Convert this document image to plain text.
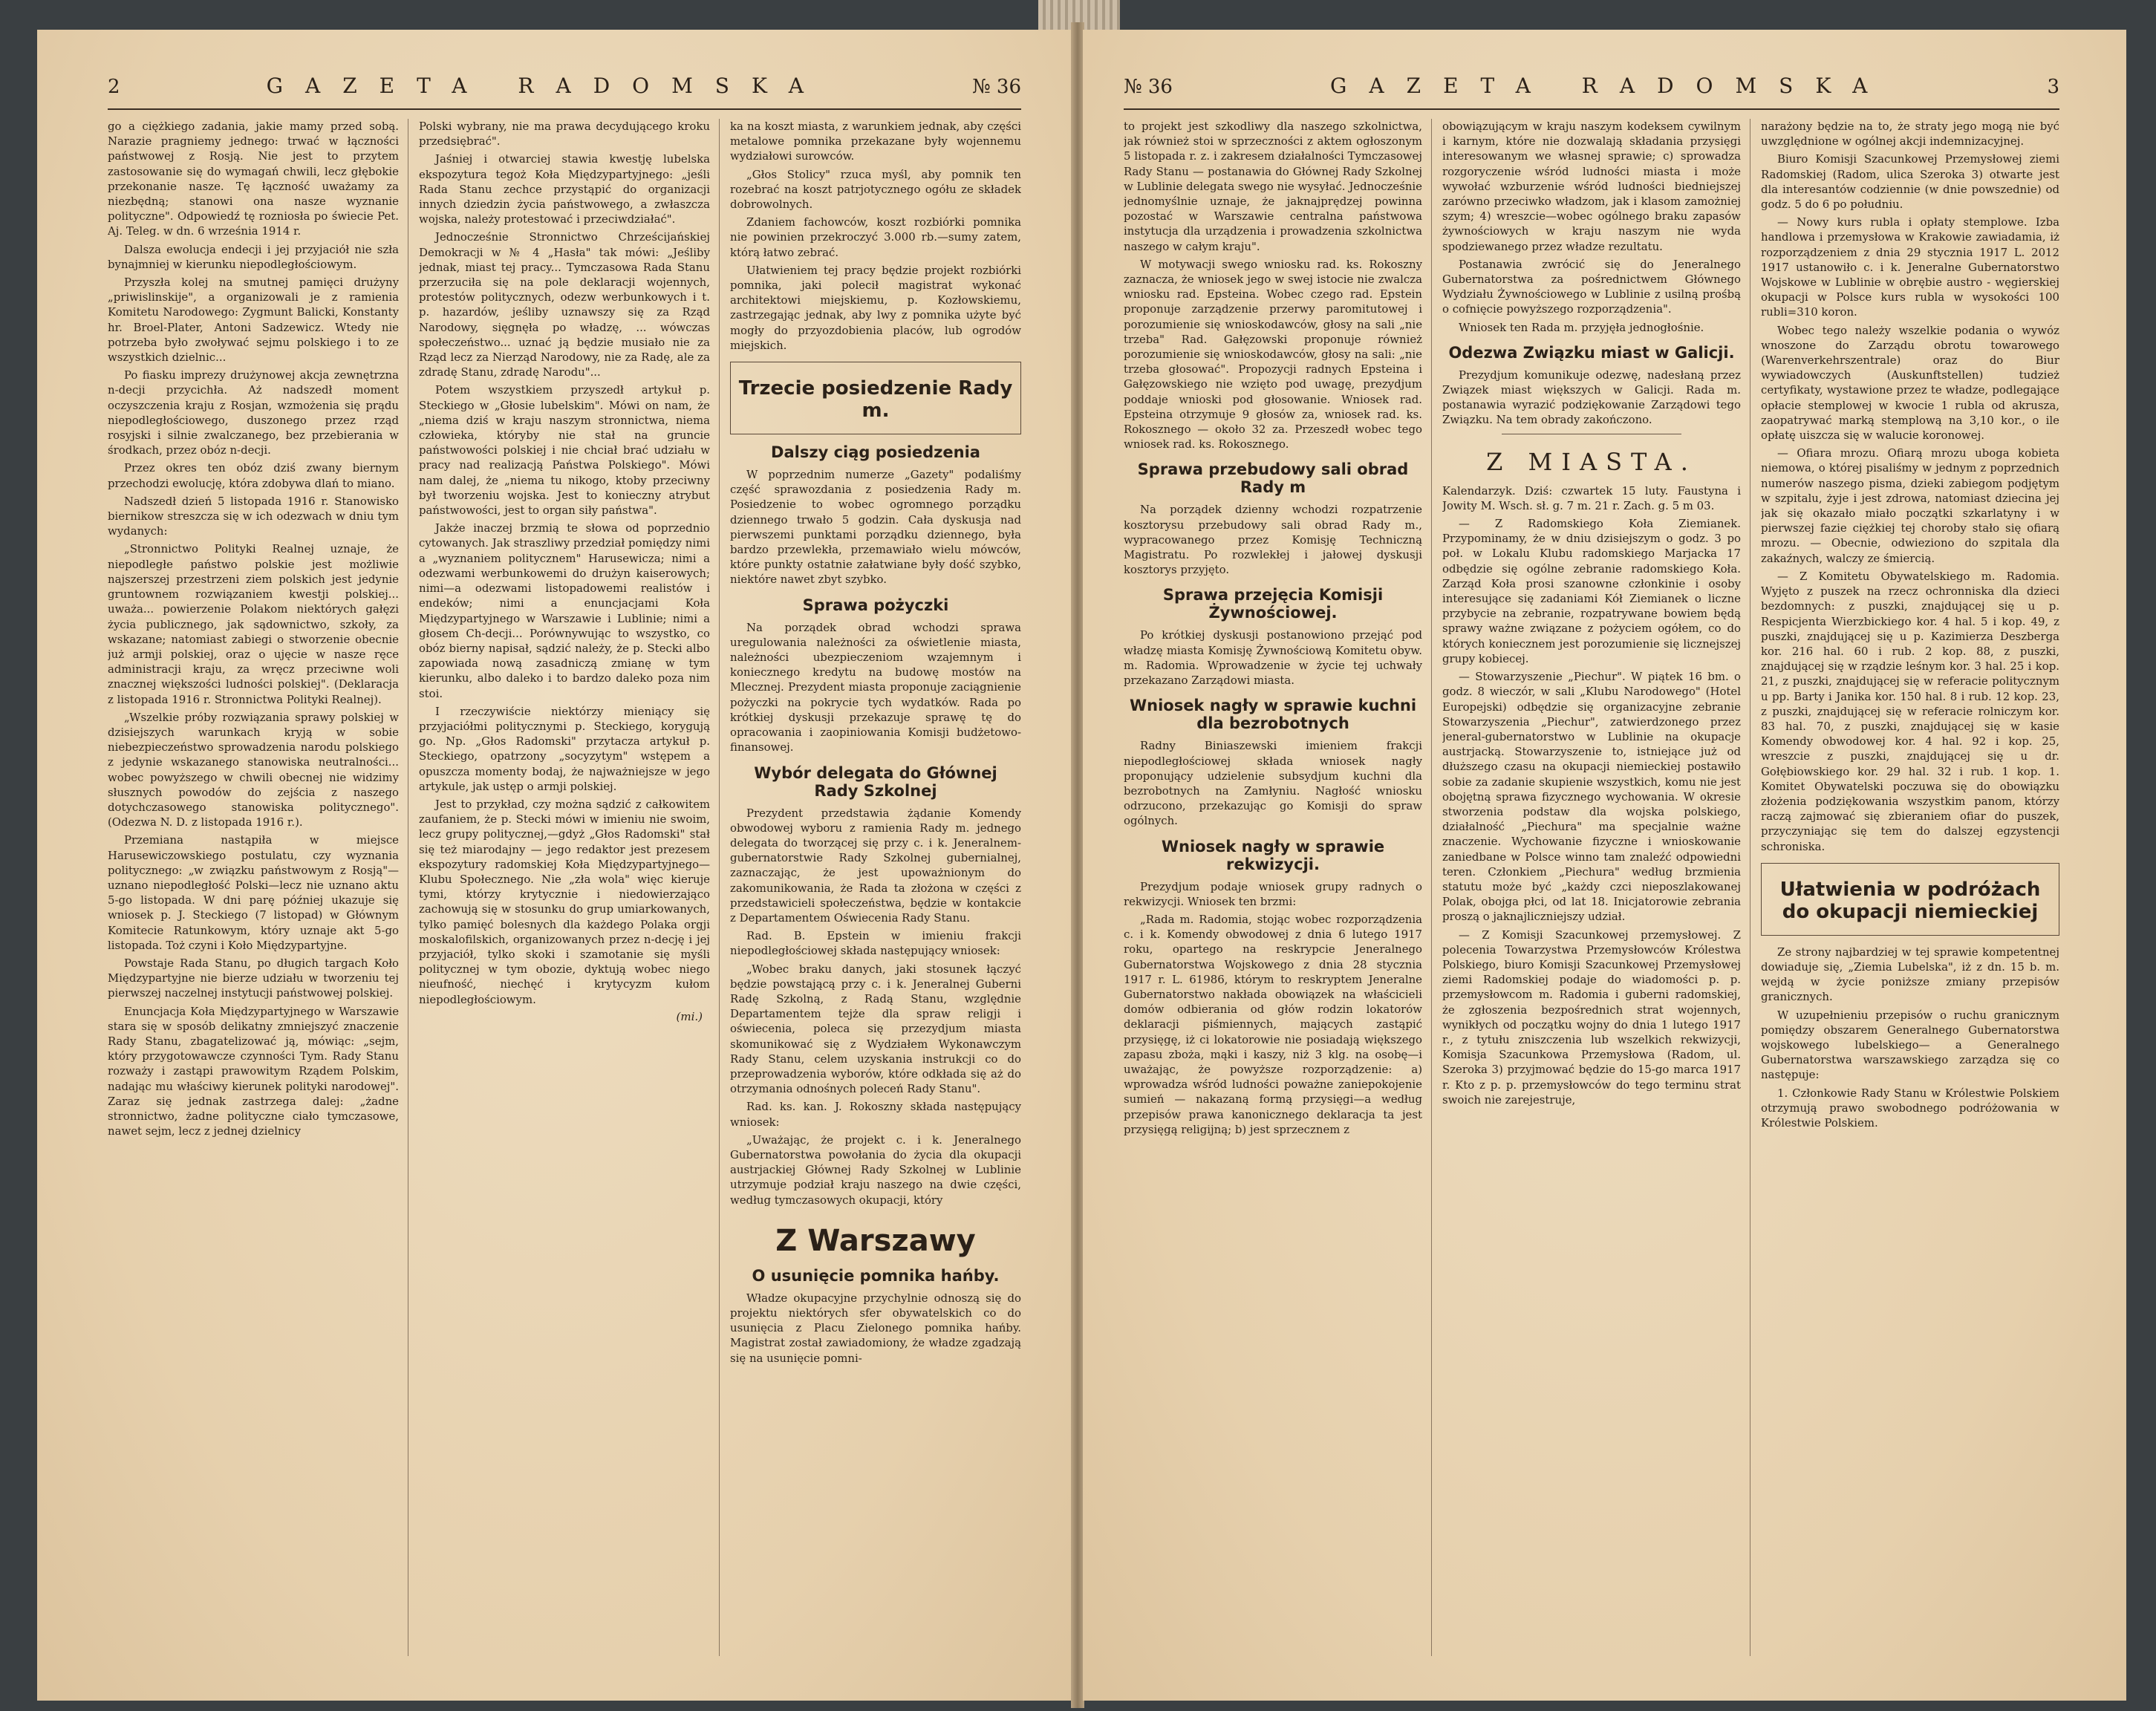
2	GAZETA RADOMSKA	№ 36

go a ciężkiego zadania, jakie mamy przed sobą. Narazie pragniemy jednego: trwać w łączności państwowej z Rosją. Nie jest to przytem zastosowanie się do wymagań chwili, lecz głębokie przekonanie nasze. Tę łączność uważamy za niezbędną; stanowi ona nasze wyznanie polityczne". Odpowiedź tę rozniosła po świecie Pet. Aj. Teleg. w dn. 6 września 1914 r.

Dalsza ewolucja endecji i jej przyjaciół nie szła bynajmniej w kierunku niepodległościowym.

Przyszła kolej na smutnej pamięci drużyny „priwislinskije", a organizowali je z ramienia Komitetu Narodowego: Zygmunt Balicki, Konstanty hr. Broel-Plater, Antoni Sadzewicz. Wtedy nie potrzeba było zwoływać sejmu polskiego i to ze wszystkich dzielnic...

Po fiasku imprezy drużynowej akcja zewnętrzna n-decji przycichła. Aż nadszedł moment oczyszczenia kraju z Rosjan, wzmożenia się prądu niepodległościowego, duszonego przez rząd rosyjski i silnie zwalczanego, bez przebierania w środkach, przez obóz n-decji.

Przez okres ten obóz dziś zwany biernym przechodzi ewolucję, która zdobywa dlań to miano.

Nadszedł dzień 5 listopada 1916 r. Stanowisko biernikow streszcza się w ich odezwach w dniu tym wydanych:

„Stronnictwo Polityki Realnej uznaje, że niepodległe państwo polskie jest możliwie najszerszej przestrzeni ziem polskich jest jedynie gruntownem rozwiązaniem kwestji polskiej... uważa... powierzenie Polakom niektórych gałęzi życia publicznego, jak sądownictwo, szkoły, za wskazane; natomiast zabiegi o stworzenie obecnie już armji polskiej, oraz o ujęcie w nasze ręce administracji kraju, za wręcz przeciwne woli znacznej większości ludności polskiej". (Deklaracja z listopada 1916 r. Stronnictwa Polityki Realnej).

„Wszelkie próby rozwiązania sprawy polskiej w dzisiejszych warunkach kryją w sobie niebezpieczeństwo sprowadzenia narodu polskiego z jedynie wskazanego stanowiska neutralności... wobec powyższego w chwili obecnej nie widzimy słusznych powodów do zejścia z naszego dotychczasowego stanowiska politycznego". (Odezwa N. D. z listopada 1916 r.).

Przemiana nastąpiła w miejsce Harusewiczowskiego postulatu, czy wyznania politycznego: „w związku państwowym z Rosją"—uznano niepodległość Polski—lecz nie uznano aktu 5-go listopada. W dni parę później ukazuje się wniosek p. J. Steckiego (7 listopad) w Głównym Komitecie Ratunkowym, który uznaje akt 5-go listopada. Toż czyni i Koło Międzypartyjne.

Powstaje Rada Stanu, po długich targach Koło Międzypartyjne nie bierze udziału w tworzeniu tej pierwszej naczelnej instytucji państwowej polskiej.

Enuncjacja Koła Międzypartyjnego w Warszawie stara się w sposób delikatny zmniejszyć znaczenie Rady Stanu, zbagatelizować ją, mówiąc: „sejm, który przygotowawcze czynności Tym. Rady Stanu rozważy i zastąpi prawowitym Rządem Polskim, nadając mu właściwy kierunek polityki narodowej". Zaraz się jednak zastrzega dalej: „żadne stronnictwo, żadne polityczne ciało tymczasowe, nawet sejm, lecz z jednej dzielnicy

Polski wybrany, nie ma prawa decydującego kroku przedsiębrać".

Jaśniej i otwarciej stawia kwestję lubelska ekspozytura tegoż Koła Międzypartyjnego: „jeśli Rada Stanu zechce przystąpić do organizacji innych dziedzin życia państwowego, a zwłaszcza wojska, należy protestować i przeciwdziałać".

Jednocześnie Stronnictwo Chrześcijańskiej Demokracji w № 4 „Hasła" tak mówi: „Jeśliby jednak, miast tej pracy... Tymczasowa Rada Stanu przerzuciła się na pole deklaracji wojennych, protestów politycznych, odezw werbunkowych i t. p. hazardów, jeśliby uznawszy się za Rząd Narodowy, sięgnęła po władzę, ... wówczas społeczeństwo... uznać ją będzie musiało nie za Rząd lecz za Nierząd Narodowy, nie za Radę, ale za zdradę Stanu, zdradę Narodu"...

Potem wszystkiem przyszedł artykuł p. Steckiego w „Głosie lubelskim". Mówi on nam, że „niema dziś w kraju naszym stronnictwa, niema człowieka, któryby nie stał na gruncie państwowości polskiej i nie chciał brać udziału w pracy nad realizacją Państwa Polskiego". Mówi nam dalej, że „niema tu nikogo, ktoby przeciwny był tworzeniu wojska. Jest to konieczny atrybut państwowości, jest to organ siły państwa".

Jakże inaczej brzmią te słowa od poprzednio cytowanych. Jak straszliwy przedział pomiędzy nimi a „wyznaniem politycznem" Harusewicza; nimi a odezwami werbunkowemi do drużyn kaiserowych; nimi—a odezwami listopadowemi realistów i endeków; nimi a enuncjacjami Koła Międzypartyjnego w Warszawie i Lublinie; nimi a głosem Ch-decji... Porównywując to wszystko, co obóz bierny napisał, sądzić należy, że p. Stecki albo zapowiada nową zasadniczą zmianę w tym kierunku, albo daleko i to bardzo daleko poza nim stoi.

I rzeczywiście niektórzy mieniący się przyjaciółmi politycznymi p. Steckiego, korygują go. Np. „Głos Radomski" przytacza artykuł p. Steckiego, opatrzony „socyzytym" wstępem a opuszcza momenty bodaj, że najważniejsze w jego artykule, jak ustęp o armji polskiej.

Jest to przykład, czy można sądzić z całkowitem zaufaniem, że p. Stecki mówi w imieniu nie swoim, lecz grupy politycznej,—gdyż „Głos Radomski" stał się też miarodajny — jego redaktor jest prezesem ekspozytury radomskiej Koła Międzypartyjnego—Klubu Społecznego. Nie „zła wola" więc kieruje tymi, którzy krytycznie i niedowierzająco zachowują się w stosunku do grup umiarkowanych, tylko pamięć bolesnych dla każdego Polaka orgji moskalofilskich, organizowanych przez n-decję i jej przyjaciół, tylko skoki i szamotanie się myśli politycznej w tym obozie, dyktują wobec niego nieufność, niechęć i krytycyzm kułom niepodległościowym.

(mi.)

ka na koszt miasta, z warunkiem jednak, aby części metalowe pomnika przekazane były wojennemu wydziałowi surowców.

„Głos Stolicy" rzuca myśl, aby pomnik ten rozebrać na koszt patrjotycznego ogółu ze składek dobrowolnych.

Zdaniem fachowców, koszt rozbiórki pomnika nie powinien przekroczyć 3.000 rb.—sumy zatem, którą łatwo zebrać.

Ułatwieniem tej pracy będzie projekt rozbiórki pomnika, jaki polecił magistrat wykonać architektowi miejskiemu, p. Kozłowskiemu, zastrzegając jednak, aby lwy z pomnika użyte być mogły do przyozdobienia placów, lub ogrodów miejskich.

Trzecie posiedzenie Rady m.
Dalszy ciąg posiedzenia

W poprzednim numerze „Gazety" podaliśmy część sprawozdania z posiedzenia Rady m. Posiedzenie to wobec ogromnego porządku dziennego trwało 5 godzin. Cała dyskusja nad pierwszemi punktami porządku dziennego, była bardzo przewlekła, przemawiało wielu mówców, które punkty ostatnie załatwiane były dość szybko, niektóre nawet zbyt szybko.

Sprawa pożyczki

Na porządek obrad wchodzi sprawa uregulowania należności za oświetlenie miasta, należności ubezpieczeniom wzajemnym i koniecznego kredytu na budowę mostów na Mlecznej. Prezydent miasta proponuje zaciągnienie pożyczki na pokrycie tych wydatków. Rada po krótkiej dyskusji przekazuje sprawę tę do opracowania i zaopiniowania Komisji budżetowo-finansowej.

Wybór delegata do Głównej Rady Szkolnej

Prezydent przedstawia żądanie Komendy obwodowej wyboru z ramienia Rady m. jednego delegata do tworzącej się przy c. i k. Jeneralnem-gubernatorstwie Rady Szkolnej gubernialnej, zaznaczając, że jest upoważnionym do zakomunikowania, że Rada ta złożona w części z przedstawicieli społeczeństwa, będzie w kontakcie z Departamentem Oświecenia Rady Stanu.

Rad. B. Epstein w imieniu frakcji niepodległościowej składa następujący wniosek:

„Wobec braku danych, jaki stosunek łączyć będzie powstającą przy c. i k. Jeneralnej Guberni Radę Szkolną, z Radą Stanu, względnie Departamentem tejże dla spraw religji i oświecenia, poleca się przezydjum miasta skomunikować się z Wydziałem Wykonawczym Rady Stanu, celem uzyskania instrukcji co do przeprowadzenia wyborów, które odkłada się aż do otrzymania odnośnych poleceń Rady Stanu".

Rad. ks. kan. J. Rokoszny składa następujący wniosek:

„Uważając, że projekt c. i k. Jeneralnego Gubernatorstwa powołania do życia dla okupacji austrjackiej Głównej Rady Szkolnej w Lublinie utrzymuje podział kraju naszego na dwie części, według tymczasowych okupacji, który

Z Warszawy
O usunięcie pomnika hańby.

Władze okupacyjne przychylnie odnoszą się do projektu niektórych sfer obywatelskich co do usunięcia z Placu Zielonego pomnika hańby. Magistrat został zawiadomiony, że władze zgadzają się na usunięcie pomni-

№ 36	GAZETA RADOMSKA	3

to projekt jest szkodliwy dla naszego szkolnictwa, jak również stoi w sprzeczności z aktem ogłoszonym 5 listopada r. z. i zakresem działalności Tymczasowej Rady Stanu — postanawia do Głównej Rady Szkolnej w Lublinie delegata swego nie wysyłać. Jednocześnie jednomyślnie uznaje, że jaknajprędzej powinna pozostać w Warszawie centralna państwowa instytucja dla urządzenia i prowadzenia szkolnictwa naszego w całym kraju".

W motywacji swego wniosku rad. ks. Rokoszny zaznacza, że wniosek jego w swej istocie nie zwalcza wniosku rad. Epsteina. Wobec czego rad. Epstein proponuje zarządzenie przerwy paromitutowej i porozumienie się wnioskodawców, głosy na sali „nie trzeba" Rad. Gałęzowski proponuje również porozumienie się wnioskodawców, głosy na sali: „nie trzeba głosować". Propozycji radnych Epsteina i Gałęzowskiego nie wzięto pod uwagę, prezydjum poddaje wnioski pod głosowanie. Wniosek rad. Epsteina otrzymuje 9 głosów za, wniosek rad. ks. Rokosznego — około 32 za. Przeszedł wobec tego wniosek rad. ks. Rokosznego.

Sprawa przebudowy sali obrad Rady m

Na porządek dzienny wchodzi rozpatrzenie kosztorysu przebudowy sali obrad Rady m., wypracowanego przez Komisję Techniczną Magistratu. Po rozwlekłej i jałowej dyskusji kosztorys przyjęto.

Sprawa przejęcia Komisji Żywnościowej.

Po krótkiej dyskusji postanowiono przejąć pod władzę miasta Komisję Żywnościową Komitetu obyw. m. Radomia. Wprowadzenie w życie tej uchwały przekazano Zarządowi miasta.

Wniosek nagły w sprawie kuchni dla bezrobotnych

Radny Biniaszewski imieniem frakcji niepodległościowej składa wniosek nagły proponujący udzielenie subsydjum kuchni dla bezrobotnych na Zamłyniu. Nagłość wniosku odrzucono, przekazując go Komisji do spraw ogólnych.

Wniosek nagły w sprawie rekwizycji.

Prezydjum podaje wniosek grupy radnych o rekwizycji. Wniosek ten brzmi:

„Rada m. Radomia, stojąc wobec rozporządzenia c. i k. Komendy obwodowej z dnia 6 lutego 1917 roku, opartego na reskrypcie Jeneralnego Gubernatorstwa Wojskowego z dnia 28 stycznia 1917 r. L. 61986, którym to reskryptem Jeneralne Gubernatorstwo nakłada obowiązek na właścicieli domów odbierania od głów rodzin lokatorów deklaracji piśmiennych, mających zastąpić przysięgę, iż ci lokatorowie nie posiadają większego zapasu zboża, mąki i kaszy, niż 3 klg. na osobę—i uważając, że powyższe rozporządzenie: a) wprowadza wśród ludności poważne zaniepokojenie sumień — nakazaną formą przysięgi—a według przepisów prawa kanonicznego deklaracja ta jest przysięgą religijną; b) jest sprzecznem z

obowiązującym w kraju naszym kodeksem cywilnym i karnym, które nie dozwalają składania przysięgi interesowanym we własnej sprawie; c) sprowadza rozgoryczenie wśród ludności miasta i może wywołać wzburzenie wśród ludności biedniejszej zarówno przeciwko władzom, jak i klasom zamożniej szym; 4) wreszcie—wobec ogólnego braku zapasów żywnościowych w kraju naszym nie wyda spodziewanego przez władze rezultatu.

Postanawia zwrócić się do Jeneralnego Gubernatorstwa za pośrednictwem Głównego Wydziału Żywnościowego w Lublinie z usilną prośbą o cofnięcie powyższego rozporządzenia".

Wniosek ten Rada m. przyjęła jednogłośnie.

Odezwa Związku miast w Galicji.

Prezydjum komunikuje odezwę, nadesłaną przez Związek miast większych w Galicji. Rada m. postanawia wyrazić podziękowanie Zarządowi tego Związku. Na tem obrady zakończono.

Z MIASTA.

Kalendarzyk. Dziś: czwartek 15 luty. Faustyna i Jowity M. Wsch. sł. g. 7 m. 21 r. Zach. g. 5 m 03.

— Z Radomskiego Koła Ziemianek. Przypominamy, że w dniu dzisiejszym o godz. 3 po poł. w Lokalu Klubu radomskiego Marjacka 17 odbędzie się ogólne zebranie radomskiego Koła. Zarząd Koła prosi szanowne członkinie i osoby interesujące się zadaniami Kół Ziemianek o liczne przybycie na zebranie, rozpatrywane bowiem będą sprawy ważne związane z pożyciem ogółem, co do których koniecznem jest porozumienie się licznejszej grupy kobiecej.

— Stowarzyszenie „Piechur". W piątek 16 bm. o godz. 8 wieczór, w sali „Klubu Narodowego" (Hotel Europejski) odbędzie się organizacyjne zebranie Stowarzyszenia „Piechur", zatwierdzonego przez jeneral-gubernatorstwo w Lublinie na okupacje austrjacką. Stowarzyszenie to, istniejące już od dłuższego czasu na okupacji niemieckiej postawiło sobie za zadanie skupienie wszystkich, komu nie jest obojętną sprawa fizycznego wychowania. W okresie stworzenia podstaw dla wojska polskiego, działalność „Piechura" ma specjalnie ważne znaczenie. Wychowanie fizyczne i wnioskowanie zaniedbane w Polsce winno tam znaleźć odpowiedni teren. Członkiem „Piechura" według brzmienia statutu może być „każdy czci nieposzlakowanej Polak, obojga płci, od lat 18. Inicjatorowie zebrania proszą o jaknajliczniejszy udział.

— Z Komisji Szacunkowej przemysłowej. Z polecenia Towarzystwa Przemysłowców Królestwa Polskiego, biuro Komisji Szacunkowej Przemysłowej ziemi Radomskiej podaje do wiadomości p. p. przemysłowcom m. Radomia i guberni radomskiej, że zgłoszenia bezpośrednich strat wojennych, wynikłych od początku wojny do dnia 1 lutego 1917 r., z tytułu zniszczenia lub wszelkich rekwizycji, Komisja Szacunkowa Przemysłowa (Radom, ul. Szeroka 3) przyjmować będzie do 15-go marca 1917 r. Kto z p. p. przemysłowców do tego terminu strat swoich nie zarejestruje,

narażony będzie na to, że straty jego mogą nie być uwzględnione w ogólnej akcji indemnizacyjnej.

Biuro Komisji Szacunkowej Przemysłowej ziemi Radomskiej (Radom, ulica Szeroka 3) otwarte jest dla interesantów codziennie (w dnie powszednie) od godz. 5 do 6 po południu.

— Nowy kurs rubla i opłaty stemplowe. Izba handlowa i przemysłowa w Krakowie zawiadamia, iż rozporządzeniem z dnia 29 stycznia 1917 L. 2012 1917 ustanowiło c. i k. Jeneralne Gubernatorstwo Wojskowe w Lublinie w obrębie austro - węgierskiej okupacji w Polsce kurs rubla w wysokości 100 rubli=310 koron.

Wobec tego należy wszelkie podania o wywóz wnoszone do Zarządu obrotu towarowego (Warenverkehrszentrale) oraz do Biur wywiadowczych (Auskunftstellen) tudzież certyfikaty, wystawione przez te władze, podlegające opłacie stemplowej w kwocie 1 rubla od akrusza, zaopatrywać marką stemplową na 3,10 kor., o ile opłatę uiszcza się w walucie koronowej.

— Ofiara mrozu. Ofiarą mrozu uboga kobieta niemowa, o której pisaliśmy w jednym z poprzednich numerów naszego pisma, dzieki zabiegom podjętym w szpitalu, żyje i jest zdrowa, natomiast dziecina jej jak się okazało miało początki szkarlatyny i w pierwszej fazie ciężkiej tej choroby stało się ofiarą mrozu. — Obecnie, odwieziono do szpitala dla zakaźnych, walczy ze śmiercią.

— Z Komitetu Obywatelskiego m. Radomia. Wyjęto z puszek na rzecz ochronniska dla dzieci bezdomnych: z puszki, znajdującej się u p. Respicjenta Wierzbickiego kor. 4 hal. 5 i kop. 49, z puszki, znajdującej się u p. Kazimierza Deszberga kor. 216 hal. 60 i rub. 2 kop. 88, z puszki, znajdującej się w rządzie leśnym kor. 3 hal. 25 i kop. 21, z puszki, znajdującej się w referacie politycznym u pp. Barty i Janika kor. 150 hal. 8 i rub. 12 kop. 23, z puszki, znajdującej się w referacie rolniczym kor. 83 hal. 70, z puszki, znajdującej się w kasie Komendy obwodowej kor. 4 hal. 92 i kop. 25, wreszcie z puszki, znajdującej się u dr. Gołębiowskiego kor. 29 hal. 32 i rub. 1 kop. 1. Komitet Obywatelski poczuwa się do obowiązku złożenia podziękowania wszystkim panom, którzy raczą zajmować się zbieraniem ofiar do puszek, przyczyniając się tem do dalszej egzystencji schroniska.

Ułatwienia w podróżach do okupacji niemieckiej

Ze strony najbardziej w tej sprawie kompetentnej dowiaduje się, „Ziemia Lubelska", iż z dn. 15 b. m. wejdą w życie poniższe zmiany przepisów granicznych.

W uzupełnieniu przepisów o ruchu granicznym pomiędzy obszarem Generalnego Gubernatorstwa wojskowego lubelskiego— a Generalnego Gubernatorstwa warszawskiego zarządza się co następuje:

1. Członkowie Rady Stanu w Królestwie Polskiem otrzymują prawo swobodnego podróżowania w Królestwie Polskiem.
